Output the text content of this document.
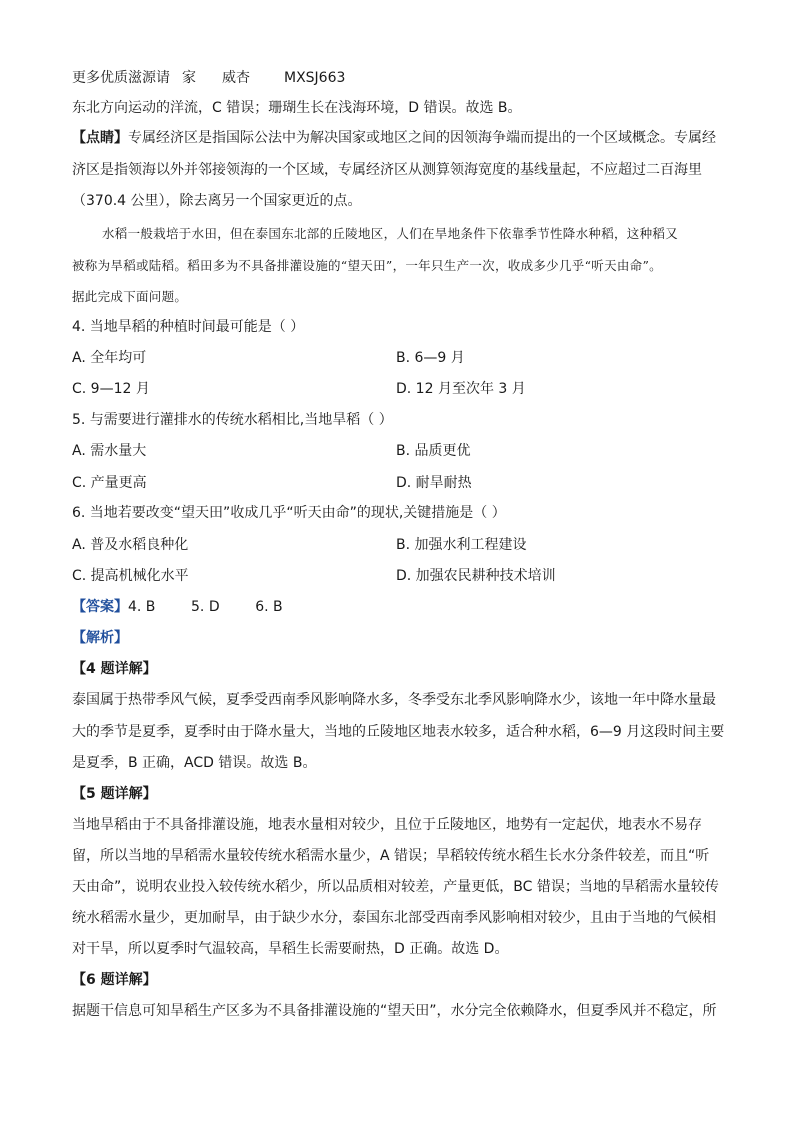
更多优质滋源请 家 威杏 MXSJ663
东北方向运动的洋流，C 错误；珊瑚生长在浅海环境，D 错误。故选 B。
【点睛】专属经济区是指国际公法中为解决国家或地区之间的因领海争端而提出的一个区域概念。专属经
济区是指领海以外并邻接领海的一个区域，专属经济区从测算领海宽度的基线量起，不应超过二百海里
（370.4 公里），除去离另一个国家更近的点。
水稻一般栽培于水田，但在泰国东北部的丘陵地区，人们在旱地条件下依靠季节性降水种稻，这种稻又
被称为旱稻或陆稻。稻田多为不具备排灌设施的“望天田”，一年只生产一次，收成多少几乎“听天由命”。
据此完成下面问题。
4. 当地旱稻的种植时间最可能是（ ）
A. 全年均可	B. 6—9 月
C. 9—12 月	D. 12 月至次年 3 月
5. 与需要进行灌排水的传统水稻相比,当地旱稻（ ）
A. 需水量大	B. 品质更优
C. 产量更高	D. 耐旱耐热
6. 当地若要改变“望天田”收成几乎“听天由命”的现状,关键措施是（ ）
A. 普及水稻良种化	B. 加强水利工程建设
C. 提高机械化水平	D. 加强农民耕种技术培训
【答案】4. B        5. D        6. B
【解析】
【4 题详解】
泰国属于热带季风气候，夏季受西南季风影响降水多，冬季受东北季风影响降水少，该地一年中降水量最
大的季节是夏季，夏季时由于降水量大，当地的丘陵地区地表水较多，适合种水稻，6—9 月这段时间主要
是夏季，B 正确，ACD 错误。故选 B。
【5 题详解】
当地旱稻由于不具备排灌设施，地表水量相对较少，且位于丘陵地区，地势有一定起伏，地表水不易存
留，所以当地的旱稻需水量较传统水稻需水量少，A 错误；旱稻较传统水稻生长水分条件较差，而且“听
天由命”，说明农业投入较传统水稻少，所以品质相对较差，产量更低，BC 错误；当地的旱稻需水量较传
统水稻需水量少，更加耐旱，由于缺少水分，泰国东北部受西南季风影响相对较少，且由于当地的气候相
对干旱，所以夏季时气温较高，旱稻生长需要耐热，D 正确。故选 D。
【6 题详解】
据题干信息可知旱稻生产区多为不具备排灌设施的“望天田”，水分完全依赖降水，但夏季风并不稳定，所
